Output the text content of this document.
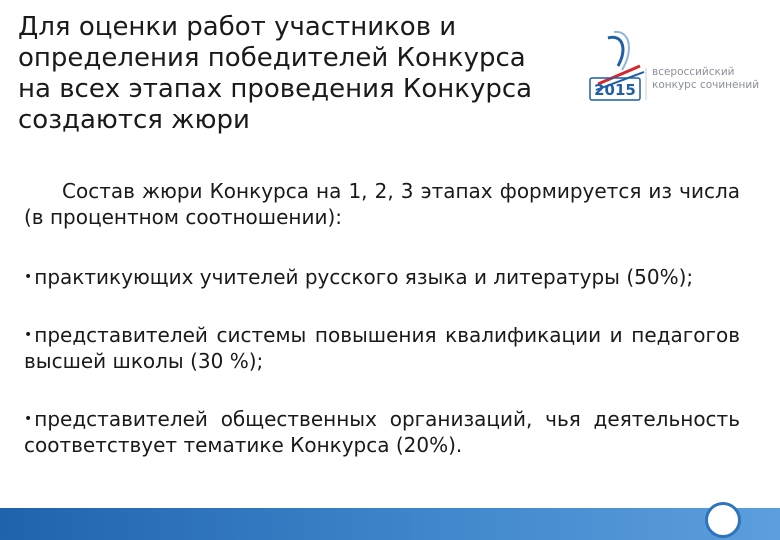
Для оценки работ участников и определения победителей Конкурса на всех этапах проведения Конкурса создаются жюри
2015
всероссийский
конкурс сочинений

Состав жюри Конкурса на 1, 2, 3 этапах формируется из числа (в процентном соотношении):

• практикующих учителей русского языка и литературы (50%);

• представителей системы повышения квалификации и педагогов высшей школы (30 %);

• представителей общественных организаций, чья деятельность соответствует тематике Конкурса (20%).
